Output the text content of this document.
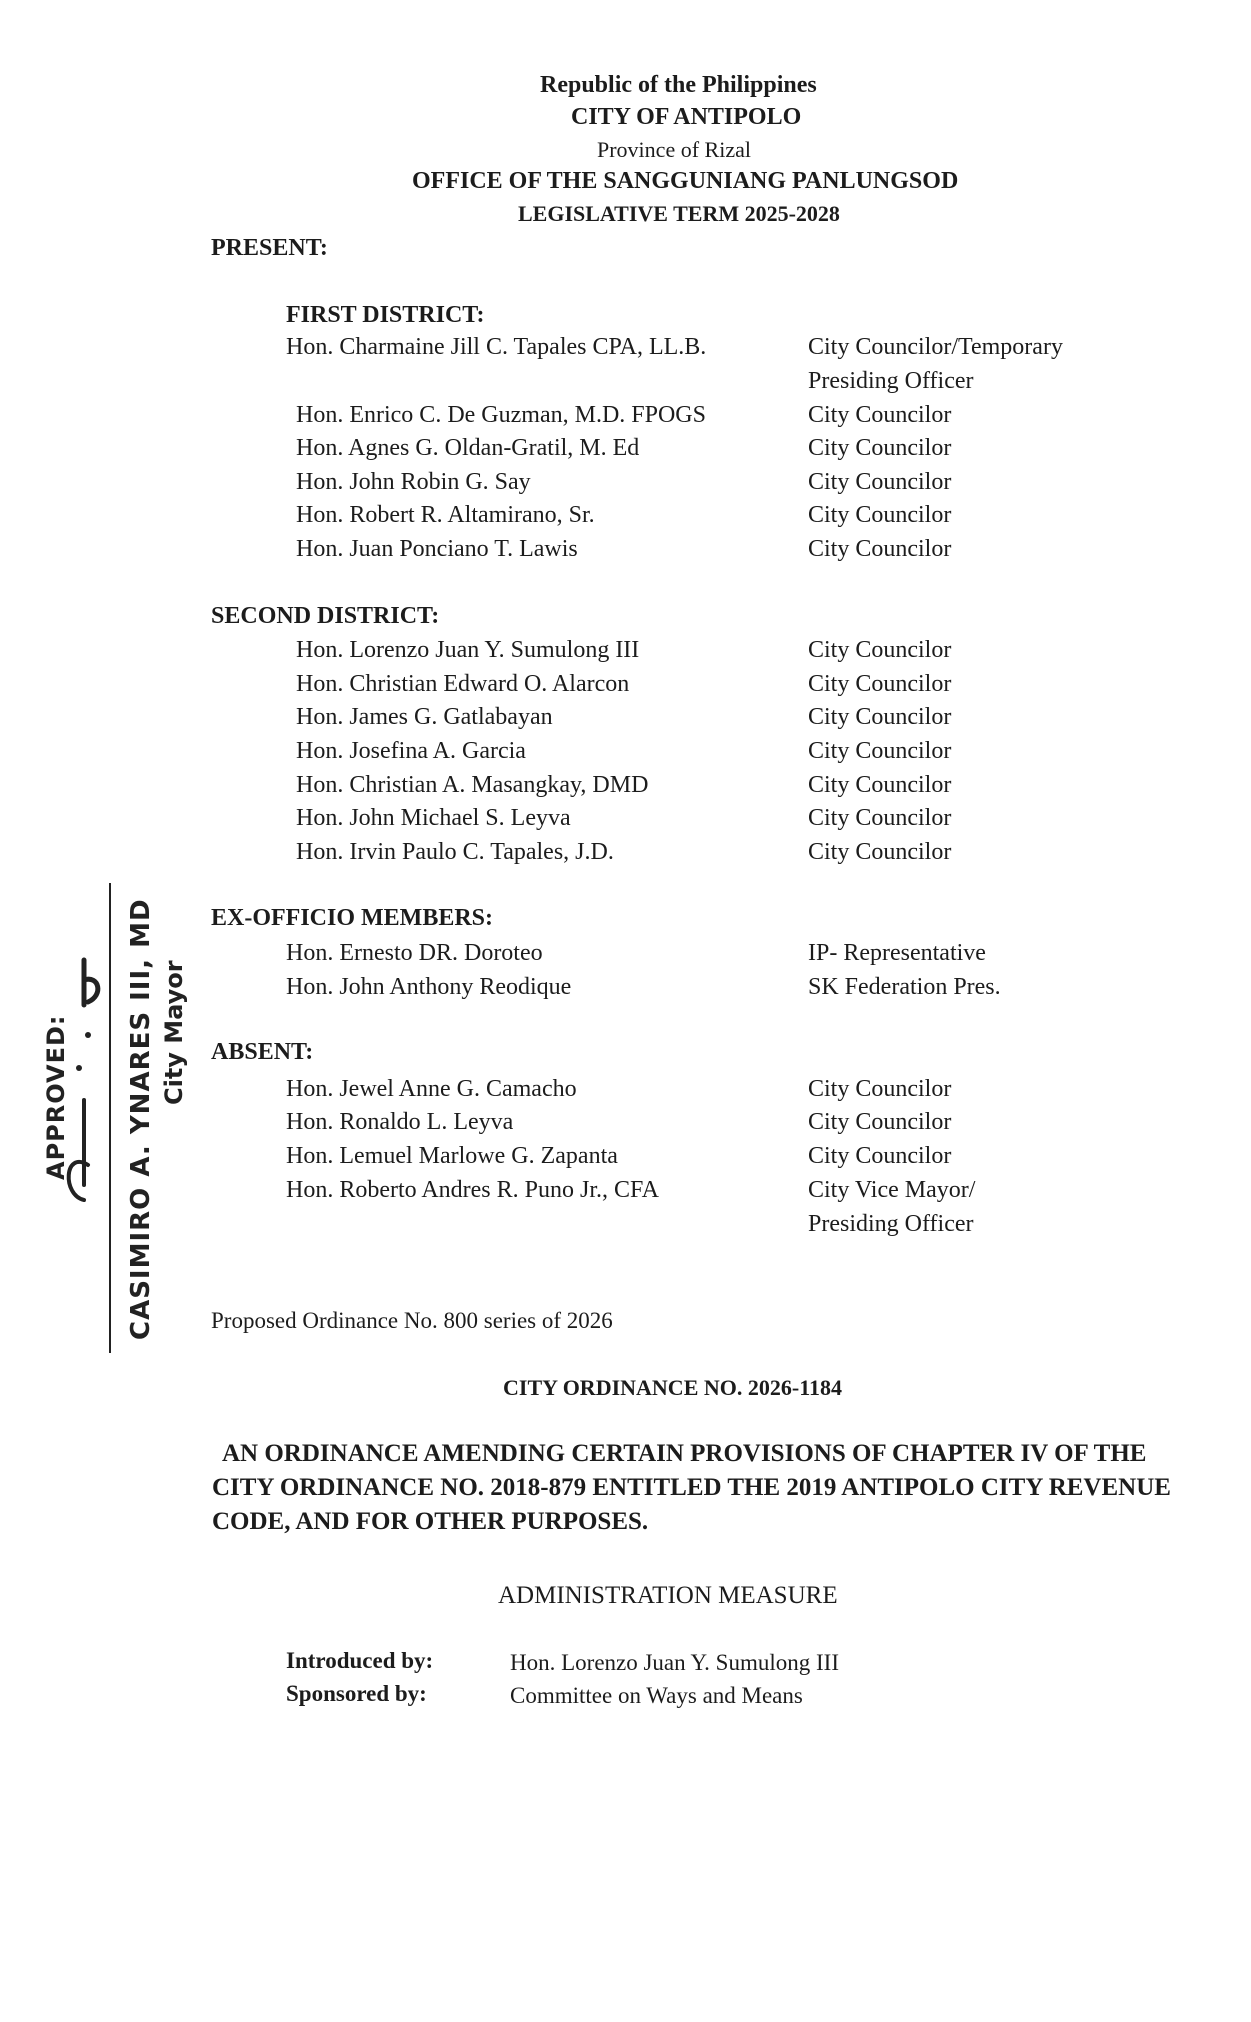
Republic of the Philippines
CITY OF ANTIPOLO
Province of Rizal
OFFICE OF THE SANGGUNIANG PANLUNGSOD
LEGISLATIVE TERM 2025-2028
PRESENT:
FIRST DISTRICT:
Hon. Charmaine Jill C. Tapales CPA, LL.B.	City Councilor/Temporary
Presiding Officer
Hon. Enrico C. De Guzman, M.D. FPOGS	City Councilor
Hon. Agnes G. Oldan-Gratil, M. Ed	City Councilor
Hon. John Robin G. Say	City Councilor
Hon. Robert R. Altamirano, Sr.	City Councilor
Hon. Juan Ponciano T. Lawis	City Councilor
SECOND DISTRICT:
Hon. Lorenzo Juan Y. Sumulong III	City Councilor
Hon. Christian Edward O. Alarcon	City Councilor
Hon. James G. Gatlabayan	City Councilor
Hon. Josefina A. Garcia	City Councilor
Hon. Christian A. Masangkay, DMD	City Councilor
Hon. John Michael S. Leyva	City Councilor
Hon. Irvin Paulo C. Tapales, J.D.	City Councilor
EX-OFFICIO MEMBERS:
Hon. Ernesto DR. Doroteo	IP- Representative
Hon. John Anthony Reodique	SK Federation Pres.
ABSENT:
Hon. Jewel Anne G. Camacho	City Councilor
Hon. Ronaldo L. Leyva	City Councilor
Hon. Lemuel Marlowe G. Zapanta	City Councilor
Hon. Roberto Andres R. Puno Jr., CFA	City Vice Mayor/
Presiding Officer
APPROVED: CASIMIRO A. YNARES III, MD City Mayor
Proposed Ordinance No. 800 series of 2026
CITY ORDINANCE NO. 2026-1184
AN ORDINANCE AMENDING CERTAIN PROVISIONS OF CHAPTER IV OF THE
CITY ORDINANCE NO. 2018-879 ENTITLED THE 2019 ANTIPOLO CITY REVENUE
CODE, AND FOR OTHER PURPOSES.
ADMINISTRATION MEASURE
Introduced by:	Hon. Lorenzo Juan Y. Sumulong III
Sponsored by:	Committee on Ways and Means
